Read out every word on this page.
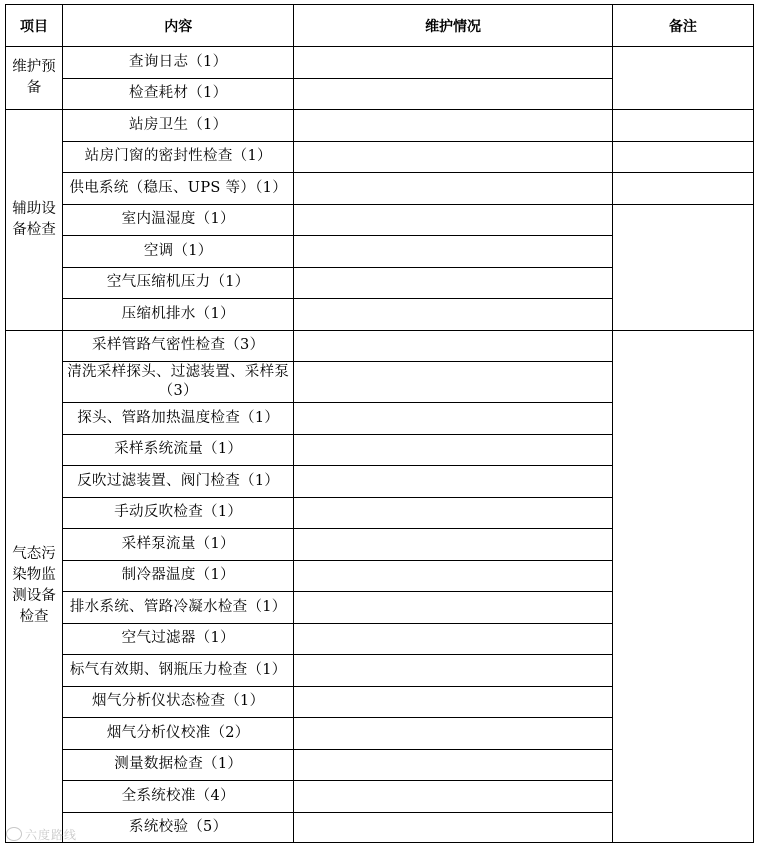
项目	内容	维护情况	备注
维护预备	查询日志（1）		
	检查耗材（1）		
辅助设备检查	站房卫生（1）		
	站房门窗的密封性检查（1）		
	供电系统（稳压、UPS 等）（1）		
	室内温湿度（1）		
	空调（1）		
	空气压缩机压力（1）		
	压缩机排水（1）		
气态污染物监测设备检查	采样管路气密性检查（3）		
	清洗采样探头、过滤装置、采样泵（3）		
	探头、管路加热温度检查（1）		
	采样系统流量（1）		
	反吹过滤装置、阀门检查（1）		
	手动反吹检查（1）		
	采样泵流量（1）		
	制冷器温度（1）		
	排水系统、管路冷凝水检查（1）		
	空气过滤器（1）		
	标气有效期、钢瓶压力检查（1）		
	烟气分析仪状态检查（1）		
	烟气分析仪校准（2）		
	测量数据检查（1）		
	全系统校准（4）		
	系统校验（5）		
六度路线
